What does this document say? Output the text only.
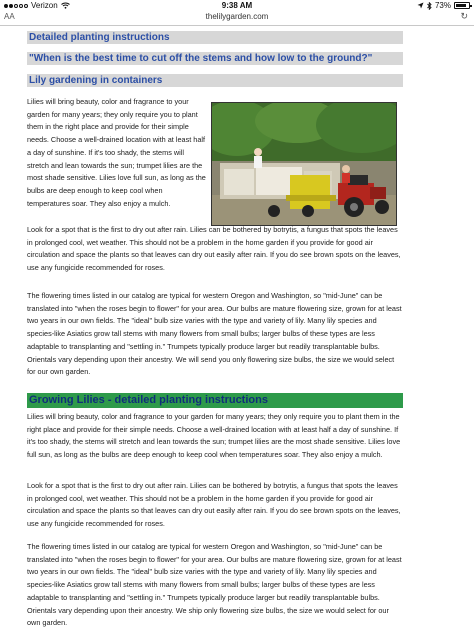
Verizon	9:38 AM	73%
AA	thelilygarden.com	↻
Detailed planting instructions
"When is the best time to cut off the stems and how low to the ground?"
Lily gardening in containers

Lilies will bring beauty, color and fragrance to your garden for many years; they only require you to plant them in the right place and provide for their simple needs. Choose a well-drained location with at least half a day of sunshine. If it's too shady, the stems will stretch and lean towards the sun; trumpet lilies are the most shade sensitive. Lilies love full sun, as long as the bulbs are deep enough to keep cool when temperatures soar. They also enjoy a mulch.

Look for a spot that is the first to dry out after rain. Lilies can be bothered by botrytis, a fungus that spots the leaves in prolonged cool, wet weather. This should not be a problem in the home garden if you provide for good air circulation and space the plants so that leaves can dry out easily after rain. If you do see brown spots on the leaves, use any fungicide recommended for roses.

The flowering times listed in our catalog are typical for western Oregon and Washington, so "mid-June" can be translated into "when the roses begin to flower" for your area. Our bulbs are mature flowering size, grown for at least two years in our own fields. The "ideal" bulb size varies with the type and variety of lily. Many lily species and species-like Asiatics grow tall stems with many flowers from small bulbs; larger bulbs of these types are less adaptable to transplanting and "settling in." Trumpets typically produce larger but readily transplantable bulbs. Orientals vary depending upon their ancestry. We will send you only flowering size bulbs, the size we would select for our own garden.

Growing Lilies - detailed planting instructions

Lilies will bring beauty, color and fragrance to your garden for many years; they only require you to plant them in the right place and provide for their simple needs. Choose a well-drained location with at least half a day of sunshine. If it's too shady, the stems will stretch and lean towards the sun; trumpet lilies are the most shade sensitive. Lilies love full sun, as long as the bulbs are deep enough to keep cool when temperatures soar. They also enjoy a mulch.

Look for a spot that is the first to dry out after rain. Lilies can be bothered by botrytis, a fungus that spots the leaves in prolonged cool, wet weather. This should not be a problem in the home garden if you provide for good air circulation and space the plants so that leaves can dry out easily after rain. If you do see brown spots on the leaves, use any fungicide recommended for roses.

The flowering times listed in our catalog are typical for western Oregon and Washington, so "mid-June" can be translated into "when the roses begin to flower" for your area. Our bulbs are mature flowering size, grown for at least two years in our own fields. The "ideal" bulb size varies with the type and variety of lily. Many lily species and species-like Asiatics grow tall stems with many flowers from small bulbs; larger bulbs of these types are less adaptable to transplanting and "settling in." Trumpets typically produce larger but readily transplantable bulbs. Orientals vary depending upon their ancestry. We ship only flowering size bulbs, the size we would select for our own garden.
